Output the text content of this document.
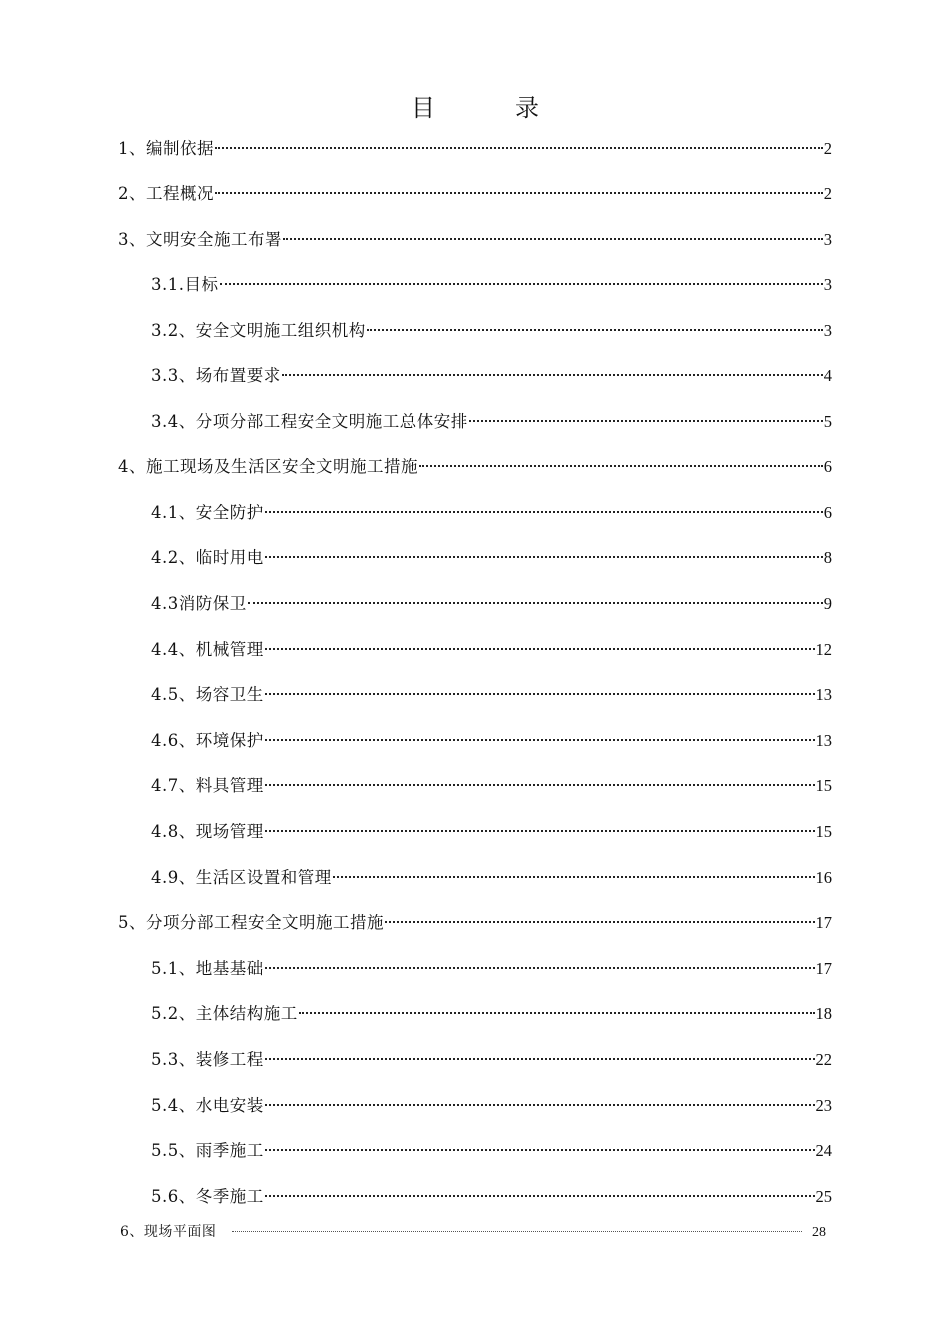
目	录
1、编制依据	2
2、工程概况	2
3、文明安全施工布署	3
3.1.目标	3
3.2、安全文明施工组织机构	3
3.3、场布置要求	4
3.4、分项分部工程安全文明施工总体安排	5
4、施工现场及生活区安全文明施工措施	6
4.1、安全防护	6
4.2、临时用电	8
4.3消防保卫	9
4.4、机械管理	12
4.5、场容卫生	13
4.6、环境保护	13
4.7、料具管理	15
4.8、现场管理	15
4.9、生活区设置和管理	16
5、分项分部工程安全文明施工措施	17
5.1、地基基础	17
5.2、主体结构施工	18
5.3、装修工程	22
5.4、水电安装	23
5.5、雨季施工	24
5.6、冬季施工	25
6、现场平面图	28
